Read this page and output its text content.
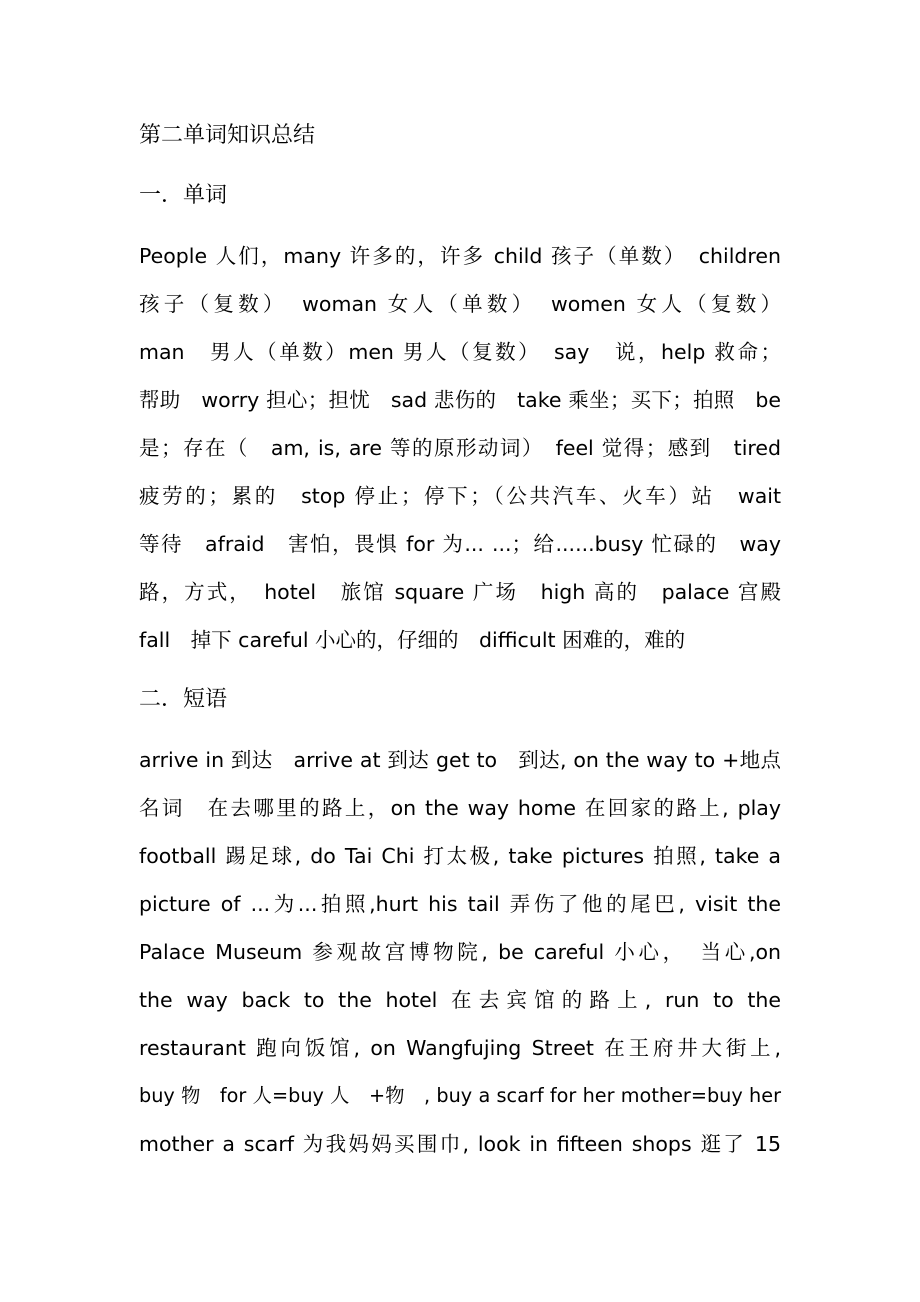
第二单词知识总结
一．单词
People 人们，many 许多的，许多 child 孩子（单数）　children
孩子（复数）　woman 女人（单数）　women 女人（复数）
man　男人（单数）men 男人（复数）　say　说，help 救命；
帮助　worry 担心；担忧　sad 悲伤的　take 乘坐；买下；拍照　be
是；存在（　am, is, are 等的原形动词）　feel 觉得；感到　tired
疲劳的；累的　stop 停止；停下；（公共汽车、火车）站　wait
等待　afraid　害怕，畏惧 for 为... ...；给......busy 忙碌的　way
路，方式，　hotel　旅馆 square 广场　high 高的　palace 宫殿
fall　掉下 careful 小心的，仔细的　difficult 困难的，难的
二．短语
arrive in 到达　arrive at 到达 get to　到达, on the way to +地点
名词　在去哪里的路上，on the way home 在回家的路上, play
football 踢足球, do Tai Chi 打太极, take pictures 拍照, take a
picture of ...为...拍照,hurt his tail 弄伤了他的尾巴, visit the
Palace Museum 参观故宫博物院, be careful 小心，　当心,on
the way back to the hotel 在去宾馆的路上, run to the
restaurant 跑向饭馆, on Wangfujing Street 在王府井大街上,
buy 物　for 人=buy 人　+物　, buy a scarf for her mother=buy her
mother a scarf 为我妈妈买围巾, look in fifteen shops 逛了 15
